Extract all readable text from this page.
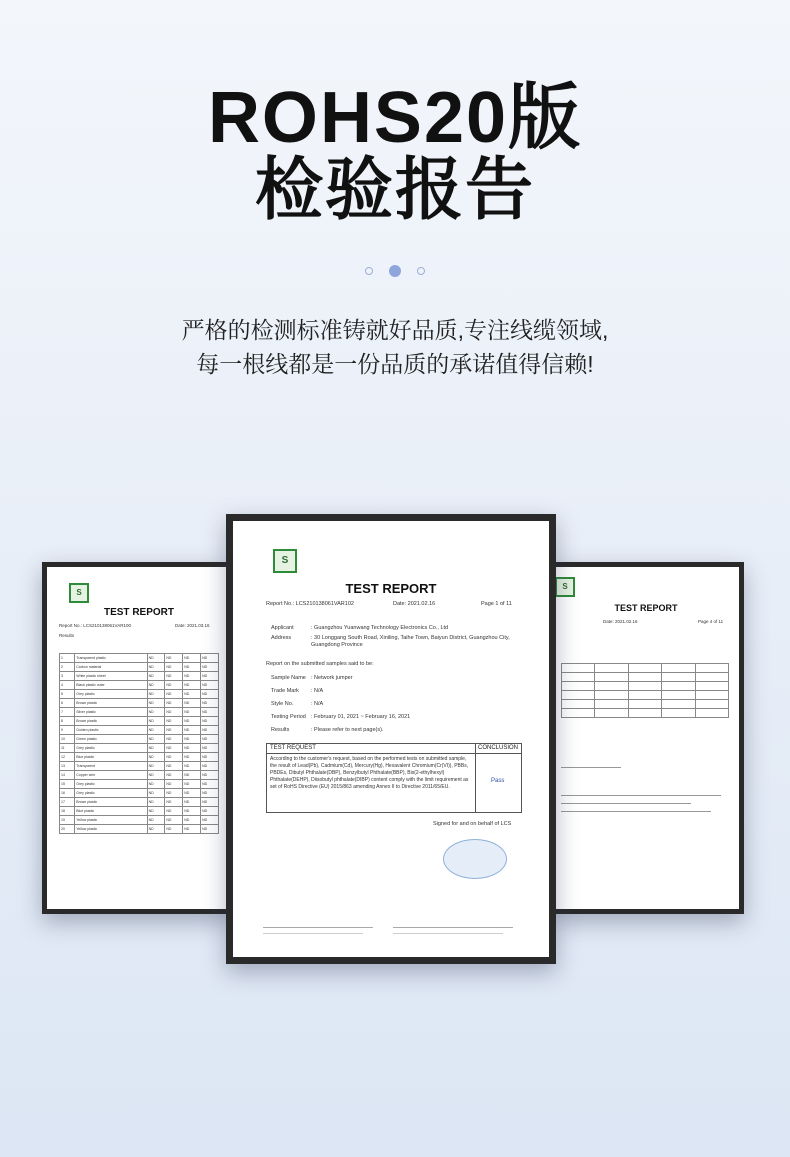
ROHS20版
检验报告

严格的检测标准铸就好品质,专注线缆领域,
每一根线都是一份品质的承诺值得信赖!
S
TEST REPORT
Report No.: LCS210138061VAR100	Date: 2021.03.16
Results
1	Transparent plastic	ND	ND	ND	ND
2	Carbon material	ND	ND	ND	ND
3	White plastic sheet	ND	ND	ND	ND
4	Black plastic outer	ND	ND	ND	ND
5	Grey plastic	ND	ND	ND	ND
6	Brown plastic	ND	ND	ND	ND
7	Silver plastic	ND	ND	ND	ND
8	Brown plastic	ND	ND	ND	ND
9	Golden plastic	ND	ND	ND	ND
10	Green plastic	ND	ND	ND	ND
11	Grey plastic	ND	ND	ND	ND
12	Blue plastic	ND	ND	ND	ND
13	Transparent	ND	ND	ND	ND
14	Copper wire	ND	ND	ND	ND
15	Grey plastic	ND	ND	ND	ND
16	Grey plastic	ND	ND	ND	ND
17	Brown plastic	ND	ND	ND	ND
18	Blue plastic	ND	ND	ND	ND
19	Yellow plastic	ND	ND	ND	ND
20	Yellow plastic	ND	ND	ND	ND
S
TEST REPORT
Date: 2021.02.16	Page 4 of 11

S
TEST REPORT
Report No.: LCS210138061VAR102	Date: 2021.02.16	Page 1 of 11
Applicant	: Guangzhou Yuanwang Technology Electronics Co., Ltd
Address	: 30 Longgang South Road, Xiniling, Taihe Town, Baiyun District, Guangzhou City, Guangdong Province
Report on the submitted samples said to be:
Sample Name : Network jumper
Trade Mark : N/A
Style No.	: N/A
Testing Period : February 01, 2021 ~ February 16, 2021
Results	: Please refer to next page(s).
TEST REQUEST	CONCLUSION
According to the customer's request, based on the performed tests on submitted sample, the result of Lead(Pb), Cadmium(Cd), Mercury(Hg), Hexavalent Chromium(Cr(VI)), PBBs, PBDEs, Dibutyl Phthalate(DBP), Benzylbutyl Phthalate(BBP), Bis(2-ethylhexyl) Phthalate(DEHP), Diisobutyl phthalate(DIBP) content comply with the limit requirement as set of RoHS Directive (EU) 2015/863 amending Annex II to Directive 2011/65/EU.
Pass
Signed for and on behalf of LCS
